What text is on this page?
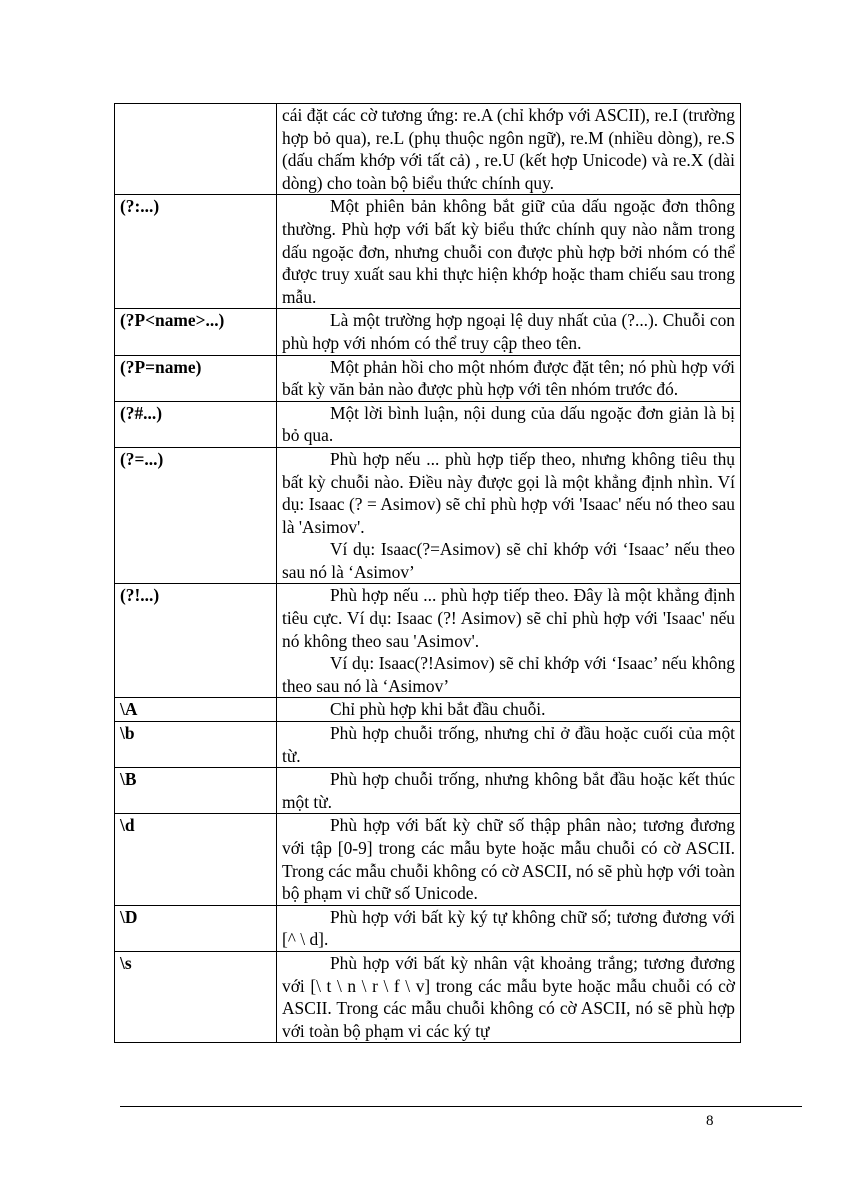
	cái đặt các cờ tương ứng: re.A (chỉ khớp với ASCII), re.I (trường hợp bỏ qua), re.L (phụ thuộc ngôn ngữ), re.M (nhiều dòng), re.S (dấu chấm khớp với tất cả) , re.U (kết hợp Unicode) và re.X (dài dòng) cho toàn bộ biểu thức chính quy.

(?:...)	Một phiên bản không bắt giữ của dấu ngoặc đơn thông thường. Phù hợp với bất kỳ biểu thức chính quy nào nằm trong dấu ngoặc đơn, nhưng chuỗi con được phù hợp bởi nhóm có thể được truy xuất sau khi thực hiện khớp hoặc tham chiếu sau trong mẫu.

(?P<name>...)	Là một trường hợp ngoại lệ duy nhất của (?...). Chuỗi con phù hợp với nhóm có thể truy cập theo tên.

(?P=name)	Một phản hồi cho một nhóm được đặt tên; nó phù hợp với bất kỳ văn bản nào được phù hợp với tên nhóm trước đó.

(?#...)	Một lời bình luận, nội dung của dấu ngoặc đơn giản là bị bỏ qua.

(?=...)	Phù hợp nếu ... phù hợp tiếp theo, nhưng không tiêu thụ bất kỳ chuỗi nào. Điều này được gọi là một khẳng định nhìn. Ví dụ: Isaac (? = Asimov) sẽ chỉ phù hợp với 'Isaac' nếu nó theo sau là 'Asimov'.
Ví dụ: Isaac(?=Asimov) sẽ chỉ khớp với ‘Isaac’ nếu theo sau nó là ‘Asimov’

(?!...)	Phù hợp nếu ... phù hợp tiếp theo. Đây là một khẳng định tiêu cực. Ví dụ: Isaac (?! Asimov) sẽ chỉ phù hợp với 'Isaac' nếu nó không theo sau 'Asimov'.
Ví dụ: Isaac(?!Asimov) sẽ chỉ khớp với ‘Isaac’ nếu không theo sau nó là ‘Asimov’

\A	Chỉ phù hợp khi bắt đầu chuỗi.

\b	Phù hợp chuỗi trống, nhưng chỉ ở đầu hoặc cuối của một từ.

\B	Phù hợp chuỗi trống, nhưng không bắt đầu hoặc kết thúc một từ.

\d	Phù hợp với bất kỳ chữ số thập phân nào; tương đương với tập [0-9] trong các mẫu byte hoặc mẫu chuỗi có cờ ASCII. Trong các mẫu chuỗi không có cờ ASCII, nó sẽ phù hợp với toàn bộ phạm vi chữ số Unicode.

\D	Phù hợp với bất kỳ ký tự không chữ số; tương đương với [^ \ d].

\s	Phù hợp với bất kỳ nhân vật khoảng trắng; tương đương với [\ t \ n \ r \ f \ v] trong các mẫu byte hoặc mẫu chuỗi có cờ ASCII. Trong các mẫu chuỗi không có cờ ASCII, nó sẽ phù hợp với toàn bộ phạm vi các ký tự
8
